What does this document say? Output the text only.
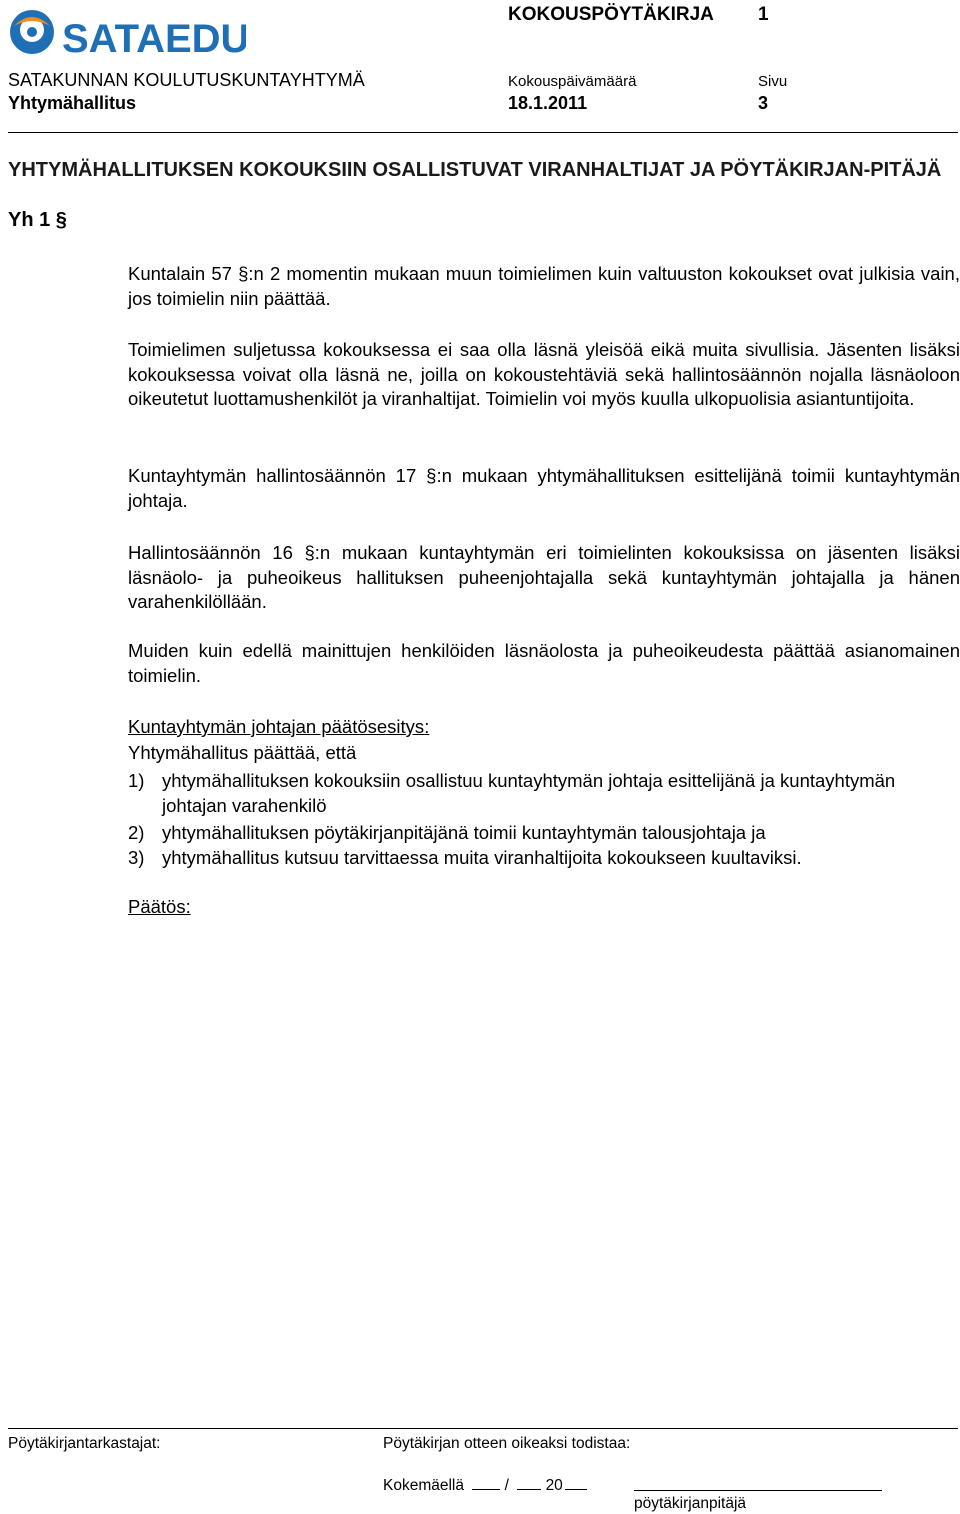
SATAEDU
KOKOUSPÖYTÄKIRJA 1
SATAKUNNAN KOULUTUSKUNTAYHTYMÄ	Kokouspäivämäärä	Sivu
Yhtymähallitus	18.1.2011	3
YHTYMÄHALLITUKSEN KOKOUKSIIN OSALLISTUVAT VIRANHALTIJAT JA PÖYTÄKIRJAN-PITÄJÄ
Yh 1 §
Kuntalain 57 §:n 2 momentin mukaan muun toimielimen kuin valtuuston kokoukset ovat julkisia vain, jos toimielin niin päättää.
Toimielimen suljetussa kokouksessa ei saa olla läsnä yleisöä eikä muita sivullisia. Jäsenten lisäksi kokouksessa voivat olla läsnä ne, joilla on kokoustehtäviä sekä hallintosäännön nojalla läsnäoloon oikeutetut luottamushenkilöt ja viranhaltijat. Toimielin voi myös kuulla ulkopuolisia asiantuntijoita.
Kuntayhtymän hallintosäännön 17 §:n mukaan yhtymähallituksen esittelijänä toimii kuntayhtymän johtaja.
Hallintosäännön 16 §:n mukaan kuntayhtymän eri toimielinten kokouksissa on jäsenten lisäksi läsnäolo- ja puheoikeus hallituksen puheenjohtajalla sekä kuntayhtymän johtajalla ja hänen varahenkilöllään.
Muiden kuin edellä mainittujen henkilöiden läsnäolosta ja puheoikeudesta päättää asianomainen toimielin.
Kuntayhtymän johtajan päätösesitys:
Yhtymähallitus päättää, että
1) yhtymähallituksen kokouksiin osallistuu kuntayhtymän johtaja esittelijänä ja kuntayhtymän johtajan varahenkilö
2) yhtymähallituksen pöytäkirjanpitäjänä toimii kuntayhtymän talousjohtaja ja
3) yhtymähallitus kutsuu tarvittaessa muita viranhaltijoita kokoukseen kuultaviksi.
Päätös:
Pöytäkirjantarkastajat:	Pöytäkirjan otteen oikeaksi todistaa:
Kokemäellä	/ 20
pöytäkirjanpitäjä
